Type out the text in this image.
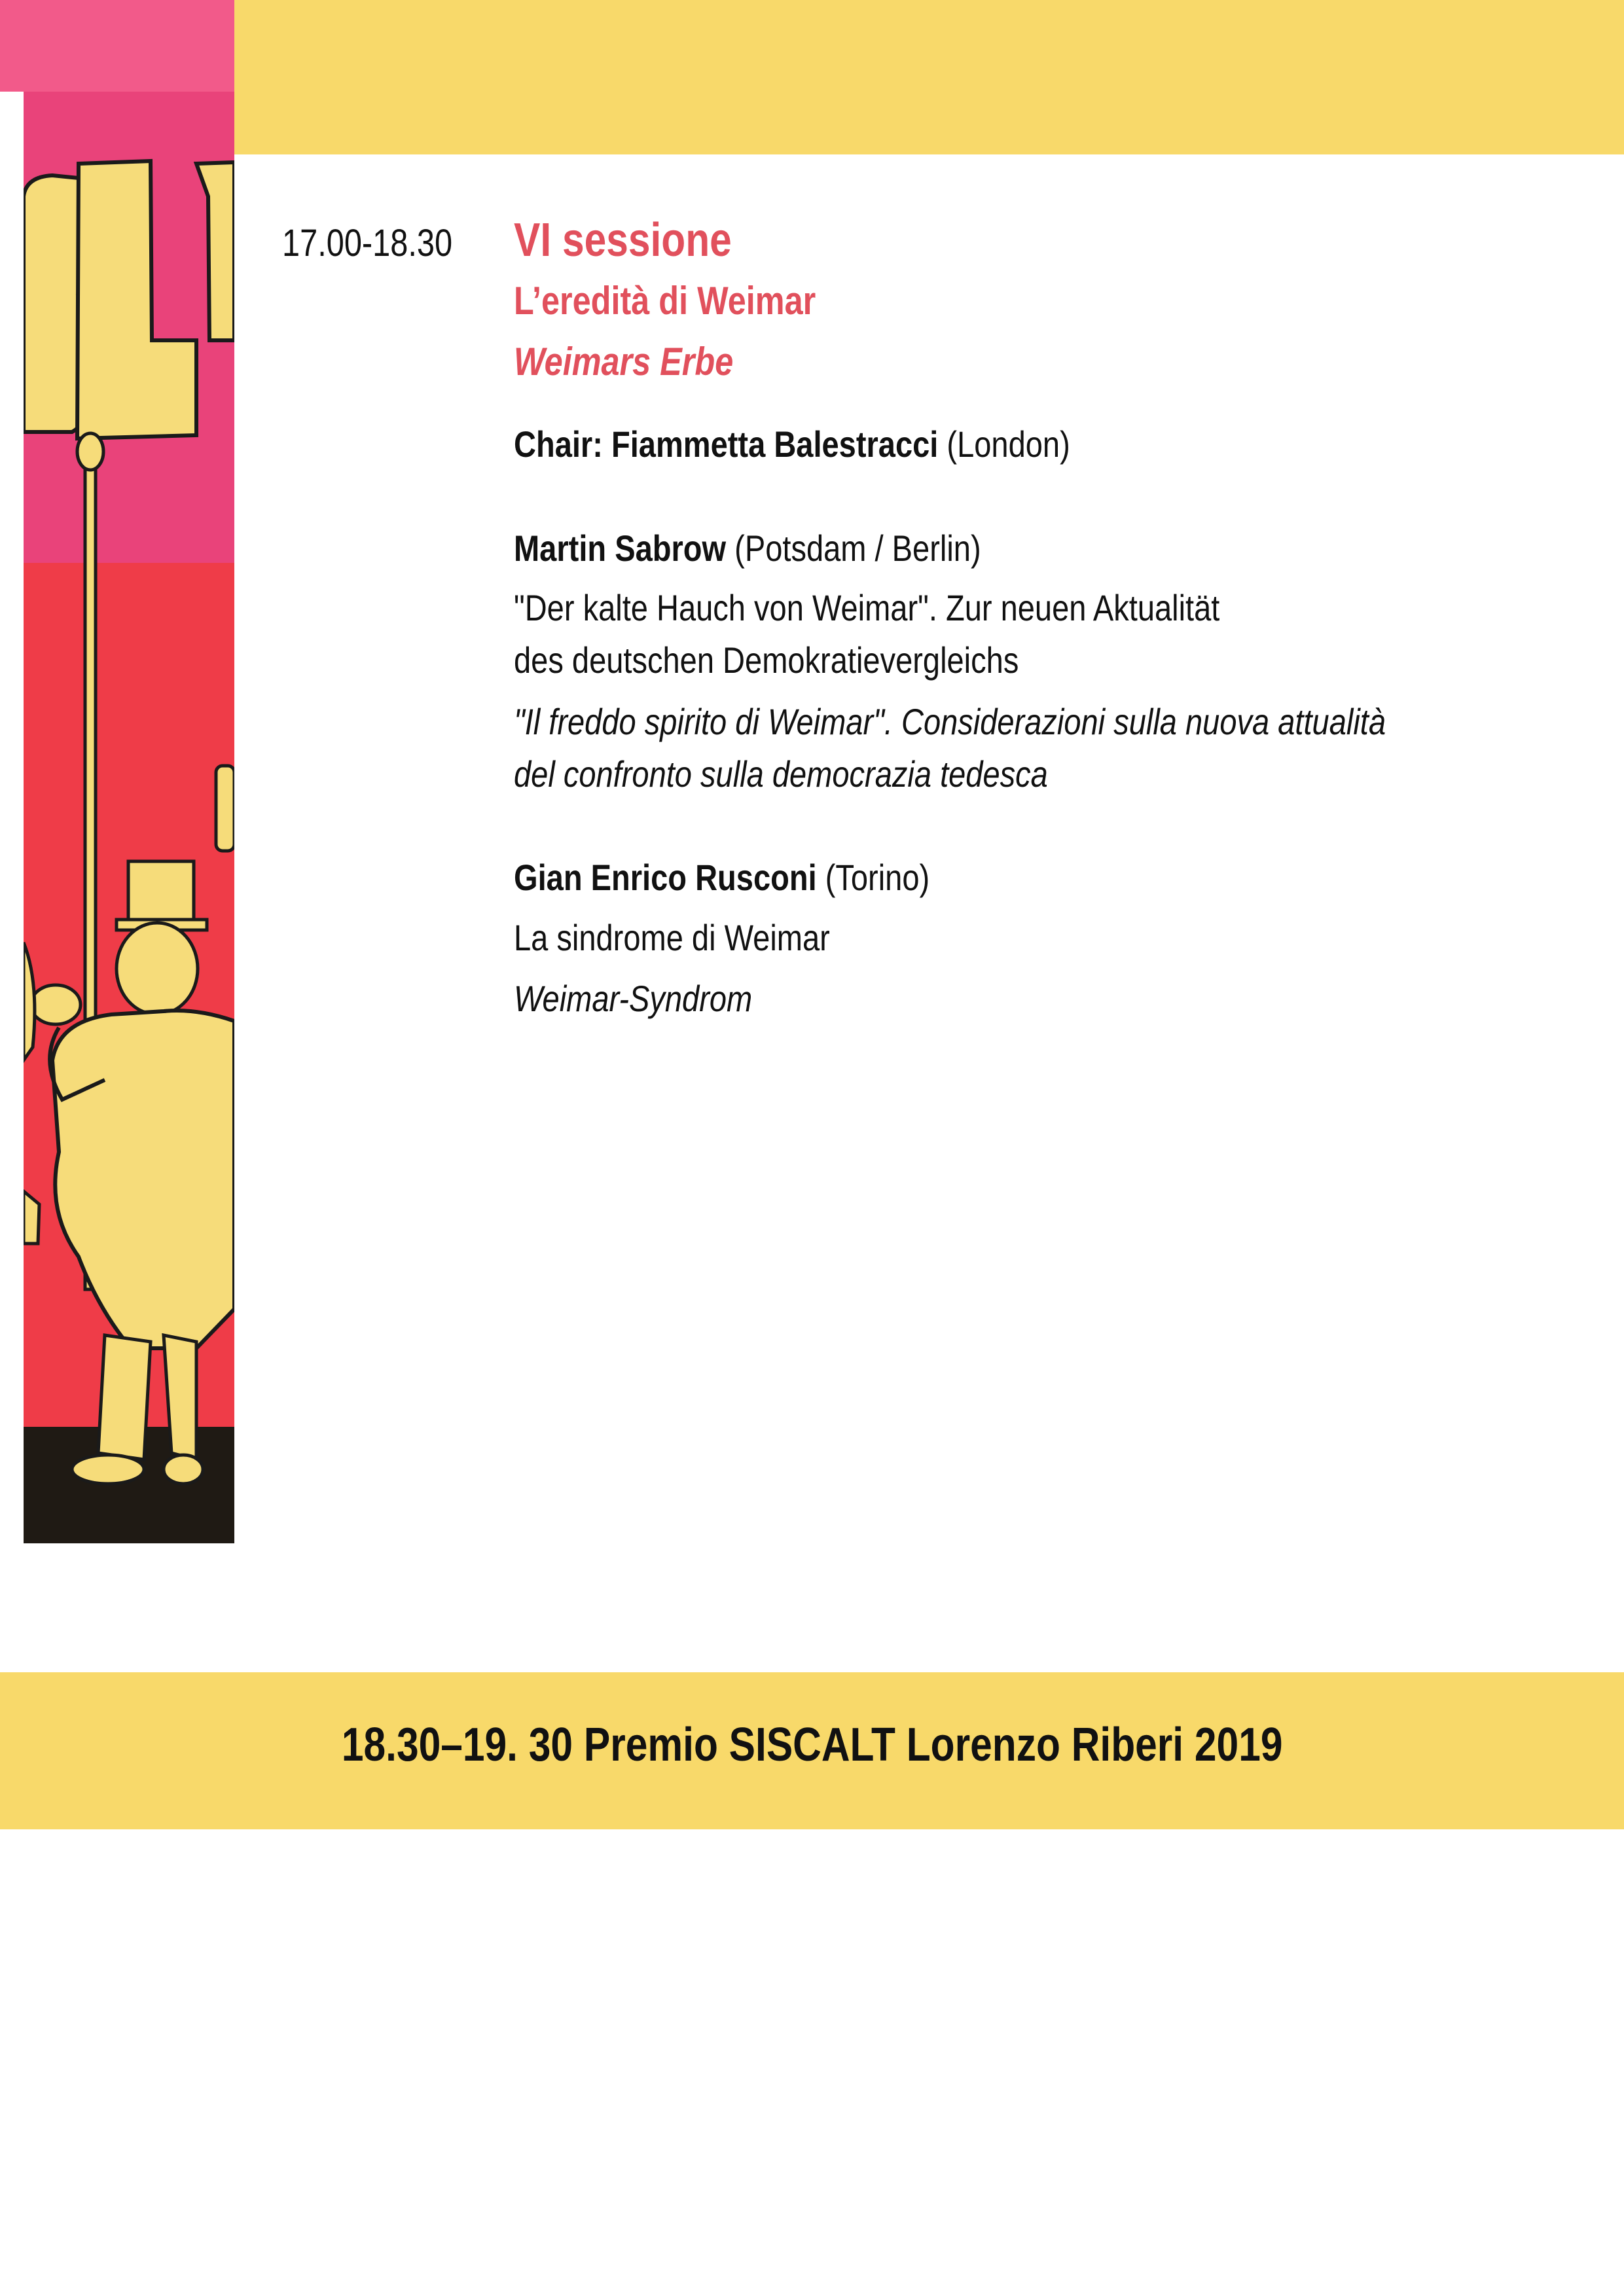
17.00-18.30	VI sessione
L’eredità di Weimar
Weimars Erbe
Chair: Fiammetta Balestracci (London)
Martin Sabrow (Potsdam / Berlin)
"Der kalte Hauch von Weimar". Zur neuen Aktualität
des deutschen Demokratievergleichs
"Il freddo spirito di Weimar". Considerazioni sulla nuova attualità
del confronto sulla democrazia tedesca
Gian Enrico Rusconi (Torino)
La sindrome di Weimar
Weimar-Syndrom
18.30–19. 30 Premio SISCALT Lorenzo Riberi 2019
